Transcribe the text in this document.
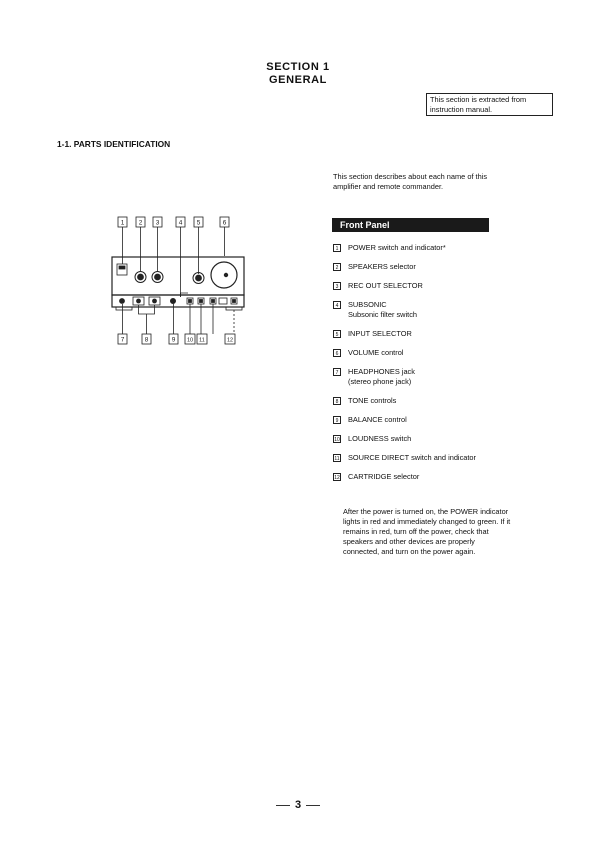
SECTION 1
GENERAL
This section is extracted from instruction manual.
1-1. PARTS IDENTIFICATION
This section describes about each name of this amplifier and remote commander.
Front Panel
1	POWER switch and indicator*
2	SPEAKERS selector
3	REC OUT SELECTOR
4	SUBSONIC
Subsonic filter switch
5	INPUT SELECTOR
6	VOLUME control
7	HEADPHONES jack
(stereo phone jack)
8	TONE controls
9	BALANCE control
10 LOUDNESS switch
11 SOURCE DIRECT switch and indicator
12 CARTRIDGE selector
After the power is turned on, the POWER indicator lights in red and immediately changed to green. If it remains in red, turn off the power, check that speakers and other devices are properly connected, and turn on the power again.
1 2 3	4 5	6
7	8	9 10 11	12
3
